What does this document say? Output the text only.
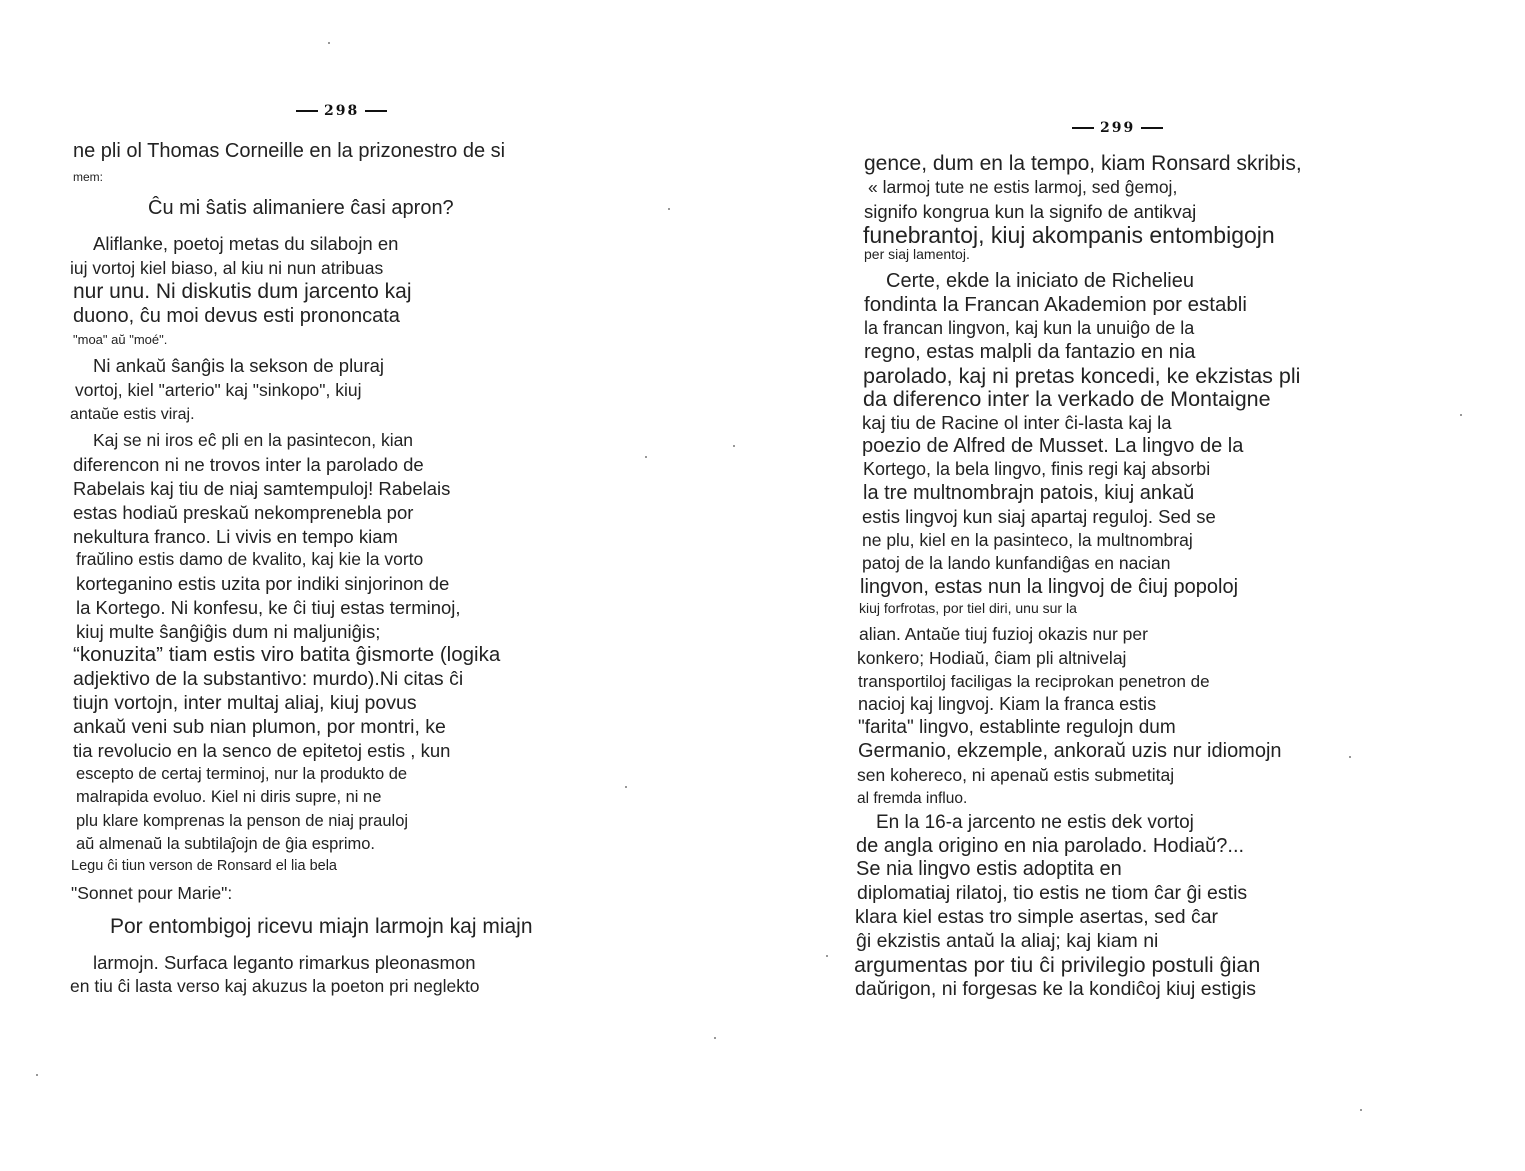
298
ne pli ol Thomas Corneille en la prizonestro de si
mem:
Ĉu mi ŝatis alimaniere ĉasi apron?
Aliflanke, poetoj metas du silabojn en
iuj vortoj kiel biaso, al kiu ni nun atribuas
nur unu. Ni diskutis dum jarcento kaj
duono, ĉu moi devus esti prononcata
"moa" aŭ "moé".
Ni ankaŭ ŝanĝis la sekson de pluraj
vortoj, kiel "arterio" kaj "sinkopo", kiuj
antaŭe estis viraj.
Kaj se ni iros eĉ pli en la pasintecon, kian
diferencon ni ne trovos inter la parolado de
Rabelais kaj tiu de niaj samtempuloj! Rabelais
estas hodiaŭ preskaŭ nekomprenebla por
nekultura franco. Li vivis en tempo kiam
fraŭlino estis damo de kvalito, kaj kie la vorto
korteganino estis uzita por indiki sinjorinon de
la Kortego. Ni konfesu, ke ĉi tiuj estas terminoj,
kiuj multe ŝanĝiĝis dum ni maljuniĝis;
“konuzita” tiam estis viro batita ĝismorte (logika
adjektivo de la substantivo: murdo).Ni citas ĉi
tiujn vortojn, inter multaj aliaj, kiuj povus
ankaŭ veni sub nian plumon, por montri, ke
tia revolucio en la senco de epitetoj estis , kun
escepto de certaj terminoj, nur la produkto de
malrapida evoluo. Kiel ni diris supre, ni ne
plu klare komprenas la penson de niaj praulоj
aŭ almenaŭ la subtilaĵojn de ĝia esprimo.
Legu ĉi tiun verson de Ronsard el lia bela
"Sonnet pour Marie":
Por entombigoj ricevu miajn larmojn kaj miajn
larmojn. Surfaca leganto rimarkus pleonasmon
en tiu ĉi lasta verso kaj akuzus la poeton pri neglekto
299
gence, dum en la tempo, kiam Ronsard skribis,
« larmoj tute ne estis larmoj, sed ĝemoj,
signifo kongrua kun la signifo de antikvaj
funebrantoj, kiuj akompanis entombigojn
per siaj lamentoj.
Certe, ekde la iniciato de Richelieu
fondinta la Francan Akademion por establi
la francan lingvon, kaj kun la unuiĝo de la
regno, estas malpli da fantazio en nia
parolado, kaj ni pretas koncedi, ke ekzistas pli
da diferenco inter la verkado de Montaigne
kaj tiu de Racine ol inter ĉi-lasta kaj la
poezio de Alfred de Musset. La lingvo de la
Kortego, la bela lingvo, finis regi kaj absorbi
la tre multnombrajn patois, kiuj ankaŭ
estis lingvoj kun siaj apartaj reguloj. Sed se
ne plu, kiel en la pasinteco, la multnombraj
patoj de la lando kunfandiĝas en nacian
lingvon, estas nun la lingvoj de ĉiuj popoloj
kiuj forfrotas, por tiel diri, unu sur la
alian. Antaŭe tiuj fuzioj okazis nur per
konkero; Hodiaŭ, ĉiam pli altnivelaj
transportiloj faciligas la reciprokan penetron de
nacioj kaj lingvoj. Kiam la franca estis
"farita" lingvo, establinte regulojn dum
Germanio, ekzemple, ankoraŭ uzis nur idiomojn
sen kohereco, ni apenaŭ estis submetitaj
al fremda influo.
En la 16-a jarcento ne estis dek vortoj
de angla origino en nia parolado. Hodiaŭ?...
Se nia lingvo estis adoptita en
diplomatiaj rilatoj, tio estis ne tiom ĉar ĝi estis
klara kiel estas tro simple asertas, sed ĉar
ĝi ekzistis antaŭ la aliaj; kaj kiam ni
argumentas por tiu ĉi privilegio postuli ĝian
daŭrigon, ni forgesas ke la kondiĉoj kiuj estigis
